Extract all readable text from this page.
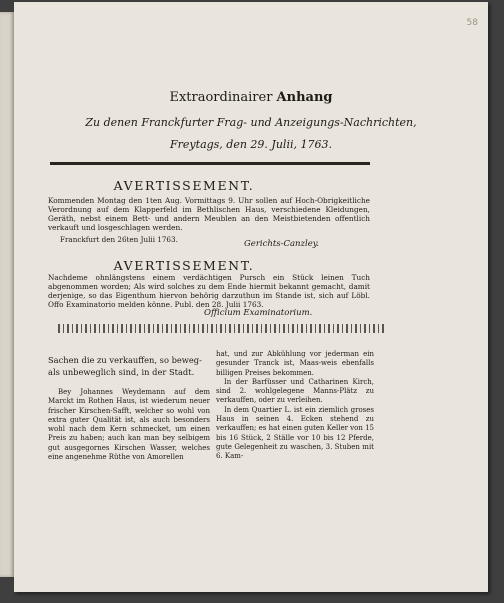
58
Extraordinairer Anhang
Zu denen Franckfurter Frag- und Anzeigungs-Nachrichten,
Freytags, den 29. Julii, 1763.
AVERTISSEMENT.
Kommenden Montag den 1ten Aug. Vormittags 9. Uhr sollen auf Hoch-Obrigkeitliche Verordnung auf dem Klapperfeld im Bethlischen Haus, verschiedene Kleidungen, Geräth, nebst einem Bett- und andern Meublen an den Meistbietenden offentlich verkauft und losgeschlagen werden.
Franckfurt den 26ten Julii 1763.	Gerichts-Canzley.
AVERTISSEMENT.
Nachdeme ohnlängstens einem verdächtigen Pursch ein Stück leinen Tuch abgenommen worden; Als wird solches zu dem Ende hiermit bekannt gemacht, damit derjenige, so das Eigenthum hiervon behörig darzuthun im Stande ist, sich auf Löbl. Offo Examinatorio melden könne. Publ. den 28. Julii 1763.
Officium Examinatorium.
Sachen die zu verkauffen, so beweg- als unbeweglich sind, in der Stadt.
Bey Johannes Weydemann auf dem Marckt im Rothen Haus, ist wiederum neuer frischer Kirschen-Safft, welcher so wohl von extra guter Qualität ist, als auch besonders wohl nach dem Kern schmecket, um einen Preis zu haben; auch kan man bey selbigem gut ausgegornes Kirschen Wasser, welches eine angenehme Rüthe von Amorellen
hat, und zur Abkühlung vor jederman ein gesunder Tranck ist, Maas-weis ebenfalls billigen Preises bekommen.
In der Barfüsser und Catharinen Kirch, sind 2. wohlgelegene Manns-Plätz zu verkauffen, oder zu verleihen.
In dem Quartier L. ist ein ziemlich groses Haus in seinen 4. Ecken stehend zu verkauffen; es hat einen guten Keller von 15 bis 16 Stück, 2 Ställe vor 10 bis 12 Pferde, gute Gelegenheit zu waschen, 3. Stuben mit 6. Kam-
